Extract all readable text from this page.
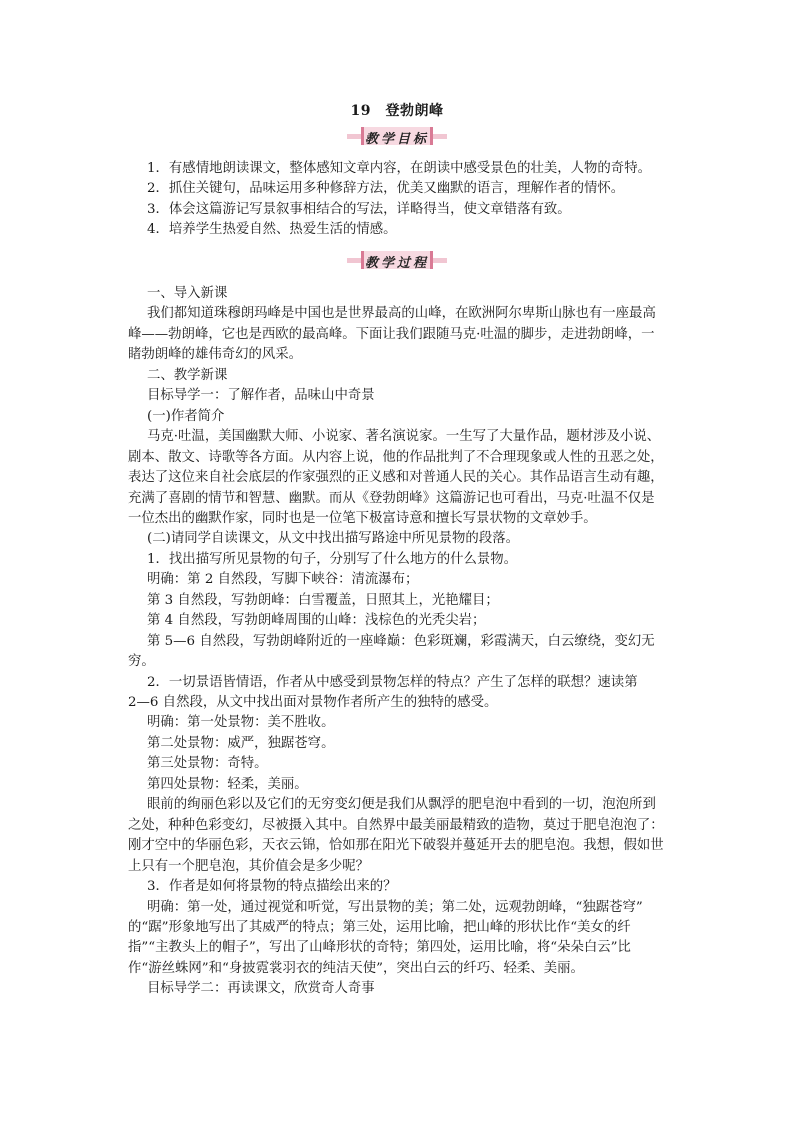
19　登勃朗峰
教学目标
1．有感情地朗读课文，整体感知文章内容，在朗读中感受景色的壮美，人物的奇特。
2．抓住关键句，品味运用多种修辞方法，优美又幽默的语言，理解作者的情怀。
3．体会这篇游记写景叙事相结合的写法，详略得当，使文章错落有致。
4．培养学生热爱自然、热爱生活的情感。
教学过程
一、导入新课
我们都知道珠穆朗玛峰是中国也是世界最高的山峰，在欧洲阿尔卑斯山脉也有一座最高
峰——勃朗峰，它也是西欧的最高峰。下面让我们跟随马克·吐温的脚步，走进勃朗峰，一
睹勃朗峰的雄伟奇幻的风采。
二、教学新课
目标导学一：了解作者，品味山中奇景
(一)作者简介
马克·吐温，美国幽默大师、小说家、著名演说家。一生写了大量作品，题材涉及小说、
剧本、散文、诗歌等各方面。从内容上说，他的作品批判了不合理现象或人性的丑恶之处，
表达了这位来自社会底层的作家强烈的正义感和对普通人民的关心。其作品语言生动有趣，
充满了喜剧的情节和智慧、幽默。而从《登勃朗峰》这篇游记也可看出，马克·吐温不仅是
一位杰出的幽默作家，同时也是一位笔下极富诗意和擅长写景状物的文章妙手。
(二)请同学自读课文，从文中找出描写路途中所见景物的段落。
1．找出描写所见景物的句子，分别写了什么地方的什么景物。
明确：第 2 自然段，写脚下峡谷：清流瀑布；
第 3 自然段，写勃朗峰：白雪覆盖，日照其上，光艳耀目；
第 4 自然段，写勃朗峰周围的山峰：浅棕色的光秃尖岩；
第 5—6 自然段，写勃朗峰附近的一座峰巅：色彩斑斓，彩霞满天，白云缭绕，变幻无
穷。
2．一切景语皆情语，作者从中感受到景物怎样的特点？产生了怎样的联想？速读第
2—6 自然段，从文中找出面对景物作者所产生的独特的感受。
明确：第一处景物：美不胜收。
第二处景物：威严，独踞苍穹。
第三处景物：奇特。
第四处景物：轻柔，美丽。
眼前的绚丽色彩以及它们的无穷变幻便是我们从飘浮的肥皂泡中看到的一切，泡泡所到
之处，种种色彩变幻，尽被摄入其中。自然界中最美丽最精致的造物，莫过于肥皂泡泡了：
刚才空中的华丽色彩，天衣云锦，恰如那在阳光下破裂并蔓延开去的肥皂泡。我想，假如世
上只有一个肥皂泡，其价值会是多少呢？
3．作者是如何将景物的特点描绘出来的？
明确：第一处，通过视觉和听觉，写出景物的美；第二处，远观勃朗峰，“独踞苍穹”
的“踞”形象地写出了其威严的特点；第三处，运用比喻，把山峰的形状比作“美女的纤
指”“主教头上的帽子”，写出了山峰形状的奇特；第四处，运用比喻，将“朵朵白云”比
作“游丝蛛网”和“身披霓裳羽衣的纯洁天使”，突出白云的纤巧、轻柔、美丽。
目标导学二：再读课文，欣赏奇人奇事
